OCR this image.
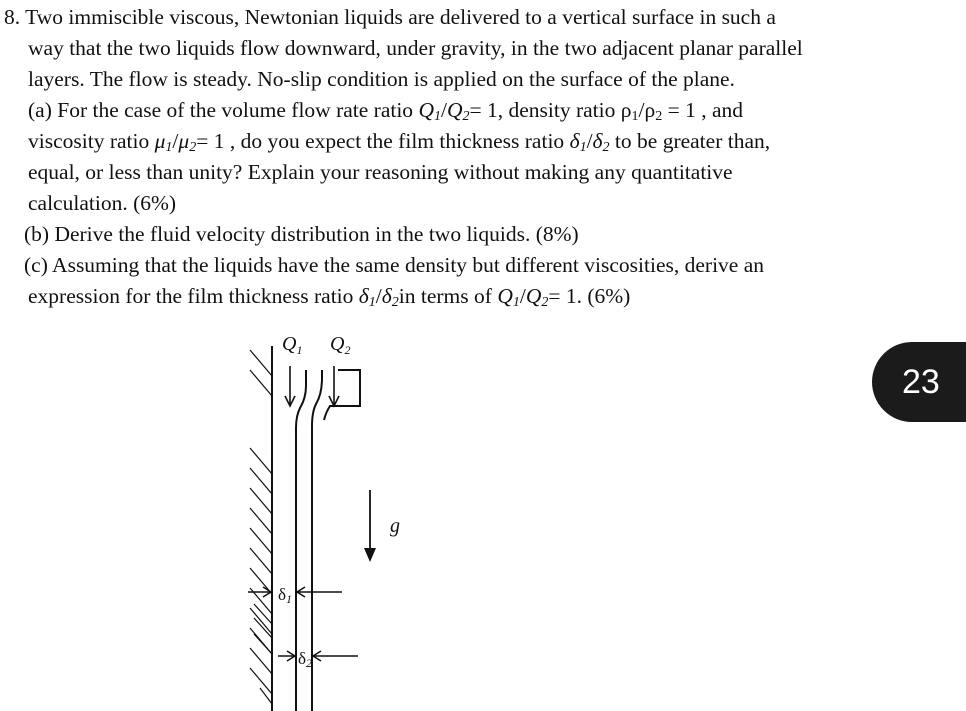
8. Two immiscible viscous, Newtonian liquids are delivered to a vertical surface in such a
way that the two liquids flow downward, under gravity, in the two adjacent planar parallel
layers. The flow is steady. No-slip condition is applied on the surface of the plane.
(a) For the case of the volume flow rate ratio $Q_1/Q_2= 1$, density ratio $\rho_1/\rho_2 = 1$ , and
viscosity ratio $\mu_1/\mu_2= 1$ , do you expect the film thickness ratio $\delta_1/\delta_2$ to be greater than,
equal, or less than unity? Explain your reasoning without making any quantitative
calculation. (6%)
(b) Derive the fluid velocity distribution in the two liquids. (8%)
(c) Assuming that the liquids have the same density but different viscosities, derive an
expression for the film thickness ratio $\delta_1/\delta_2in$ terms of $Q_1/Q_2= 1$. (6%)
$Q_1$ $Q_2$
g
δ1
δ2
23
